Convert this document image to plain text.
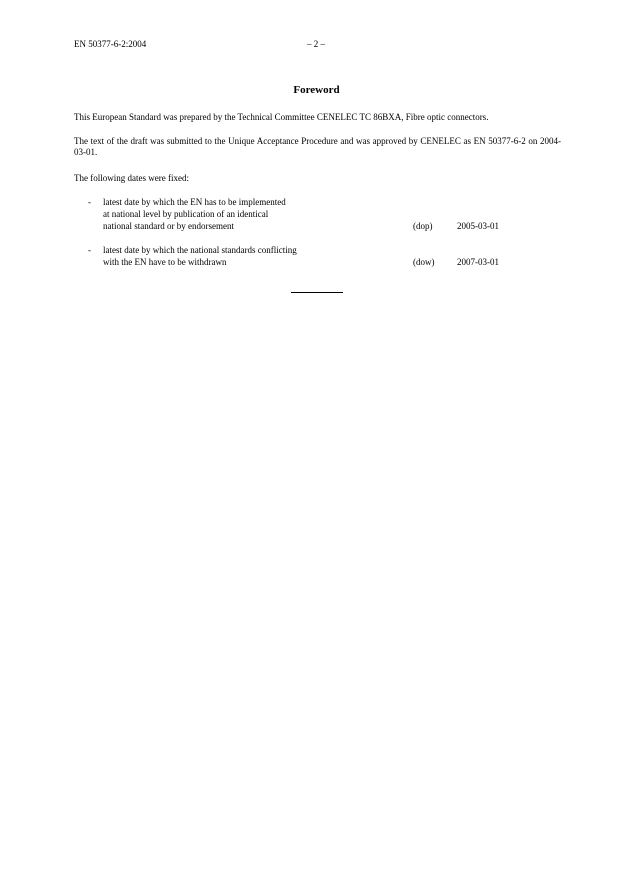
EN 50377-6-2:2004	– 2 –
Foreword
This European Standard was prepared by the Technical Committee CENELEC TC 86BXA, Fibre optic connectors.
The text of the draft was submitted to the Unique Acceptance Procedure and was approved by CENELEC as EN 50377-6-2 on 2004-03-01.
The following dates were fixed:
- latest date by which the EN has to be implemented
at national level by publication of an identical
national standard or by endorsement	(dop)	2005-03-01
- latest date by which the national standards conflicting
with the EN have to be withdrawn	(dow)	2007-03-01
